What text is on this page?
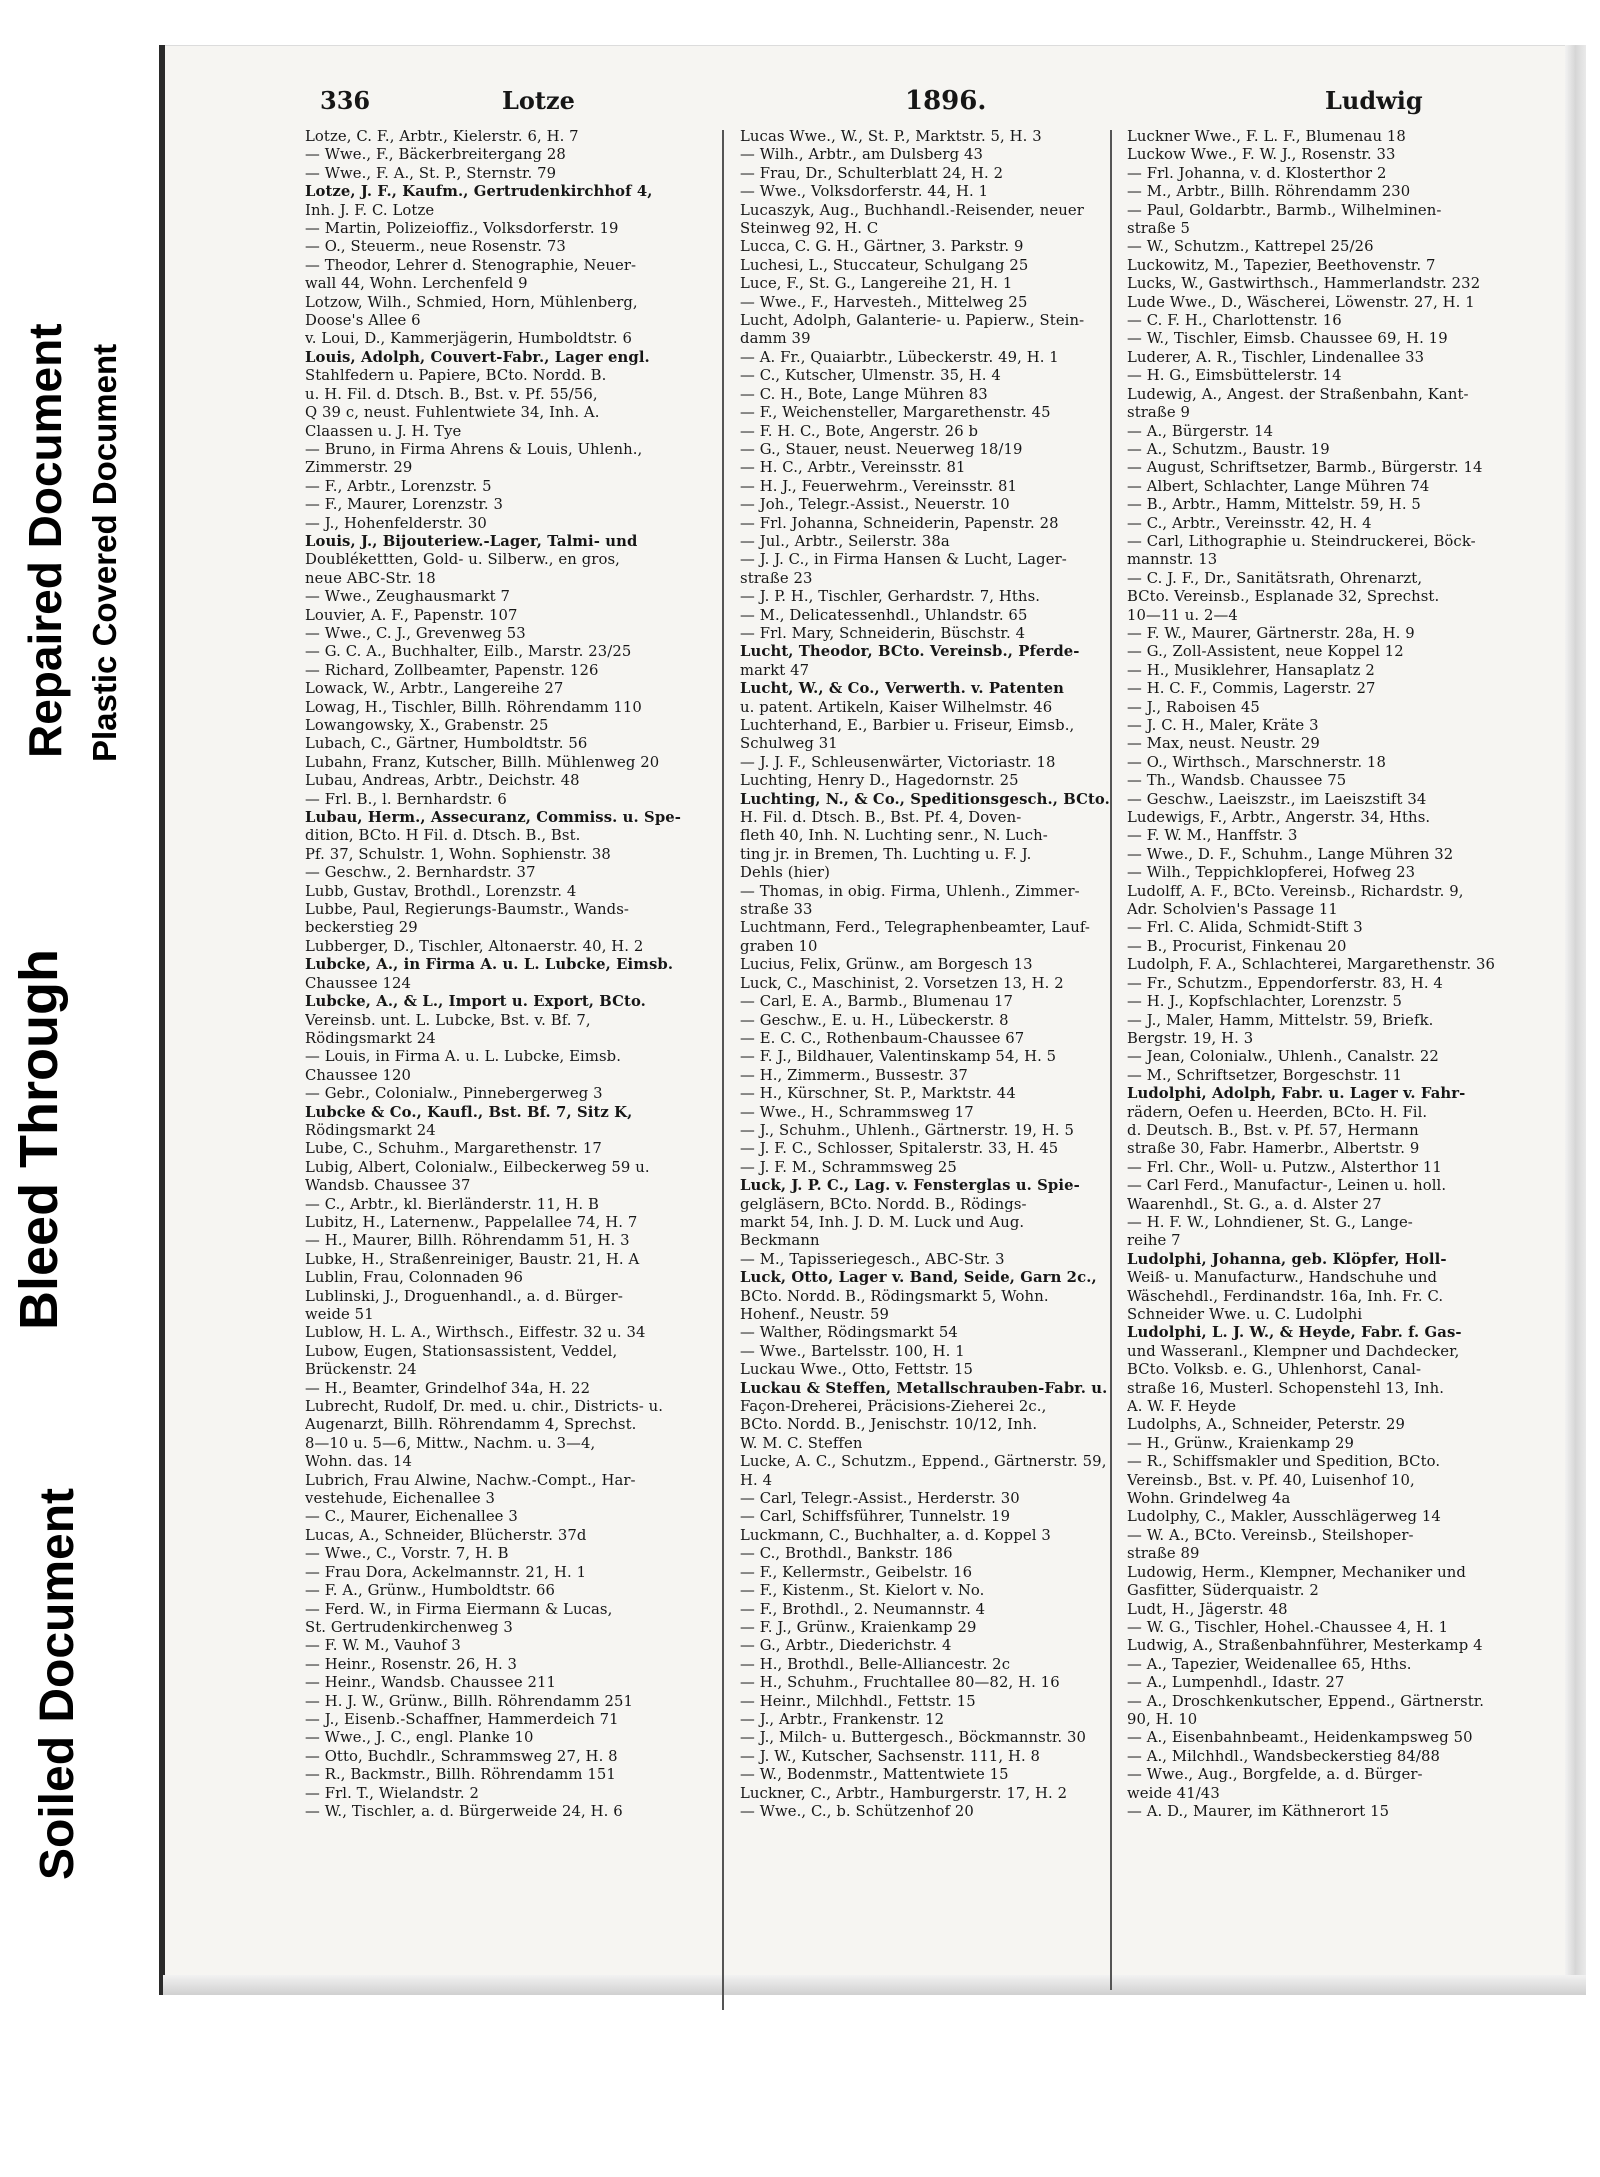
Bleed Through
Repaired Document Plastic Covered Document
Soiled Document
336	Lotze	1896.	Ludwig
Lotze, C. F., Arbtr., Kielerstr. 6, H. 7
— Wwe., F., Bäckerbreitergang 28
— Wwe., F. A., St. P., Sternstr. 79
Lotze, J. F., Kaufm., Gertrudenkirchhof 4,
Inh. J. F. C. Lotze
— Martin, Polizeioffiz., Volksdorferstr. 19
— O., Steuerm., neue Rosenstr. 73
— Theodor, Lehrer d. Stenographie, Neuer-
wall 44, Wohn. Lerchenfeld 9
Lotzow, Wilh., Schmied, Horn, Mühlenberg,
Doose's Allee 6
v. Loui, D., Kammerjägerin, Humboldtstr. 6
Louis, Adolph, Couvert-Fabr., Lager engl.
Stahlfedern u. Papiere, BCto. Nordd. B.
u. H. Fil. d. Dtsch. B., Bst. v. Pf. 55/56,
Q 39 c, neust. Fuhlentwiete 34, Inh. A.
Claassen u. J. H. Tye
— Bruno, in Firma Ahrens & Louis, Uhlenh.,
Zimmerstr. 29
— F., Arbtr., Lorenzstr. 5
— F., Maurer, Lorenzstr. 3
— J., Hohenfelderstr. 30
Louis, J., Bijouteriew.-Lager, Talmi- und
Doublékettten, Gold- u. Silberw., en gros,
neue ABC-Str. 18
— Wwe., Zeughausmarkt 7
Louvier, A. F., Papenstr. 107
— Wwe., C. J., Grevenweg 53
— G. C. A., Buchhalter, Eilb., Marstr. 23/25
— Richard, Zollbeamter, Papenstr. 126
Lowack, W., Arbtr., Langereihe 27
Lowag, H., Tischler, Billh. Röhrendamm 110
Lowangowsky, X., Grabenstr. 25
Lubach, C., Gärtner, Humboldtstr. 56
Lubahn, Franz, Kutscher, Billh. Mühlenweg 20
Lubau, Andreas, Arbtr., Deichstr. 48
— Frl. B., l. Bernhardstr. 6
Lubau, Herm., Assecuranz, Commiss. u. Spe-
dition, BCto. H Fil. d. Dtsch. B., Bst.
Pf. 37, Schulstr. 1, Wohn. Sophienstr. 38
— Geschw., 2. Bernhardstr. 37
Lubb, Gustav, Brothdl., Lorenzstr. 4
Lubbe, Paul, Regierungs-Baumstr., Wands-
beckerstieg 29
Lubberger, D., Tischler, Altonaerstr. 40, H. 2
Lubcke, A., in Firma A. u. L. Lubcke, Eimsb.
Chaussee 124
Lubcke, A., & L., Import u. Export, BCto.
Vereinsb. unt. L. Lubcke, Bst. v. Bf. 7,
Rödingsmarkt 24
— Louis, in Firma A. u. L. Lubcke, Eimsb.
Chaussee 120
— Gebr., Colonialw., Pinnebergerweg 3
Lubcke & Co., Kaufl., Bst. Bf. 7, Sitz K,
Rödingsmarkt 24
Lube, C., Schuhm., Margarethenstr. 17
Lubig, Albert, Colonialw., Eilbeckerweg 59 u.
Wandsb. Chaussee 37
— C., Arbtr., kl. Bierländerstr. 11, H. B
Lubitz, H., Laternenw., Pappelallee 74, H. 7
— H., Maurer, Billh. Röhrendamm 51, H. 3
Lubke, H., Straßenreiniger, Baustr. 21, H. A
Lublin, Frau, Colonnaden 96
Lublinski, J., Droguenhandl., a. d. Bürger-
weide 51
Lublow, H. L. A., Wirthsch., Eiffestr. 32 u. 34
Lubow, Eugen, Stationsassistent, Veddel,
Brückenstr. 24
— H., Beamter, Grindelhof 34a, H. 22
Lubrecht, Rudolf, Dr. med. u. chir., Districts- u.
Augenarzt, Billh. Röhrendamm 4, Sprechst.
8—10 u. 5—6, Mittw., Nachm. u. 3—4,
Wohn. das. 14
Lubrich, Frau Alwine, Nachw.-Compt., Har-
vestehude, Eichenallee 3
— C., Maurer, Eichenallee 3
Lucas, A., Schneider, Blücherstr. 37d
— Wwe., C., Vorstr. 7, H. B
— Frau Dora, Ackelmannstr. 21, H. 1
— F. A., Grünw., Humboldtstr. 66
— Ferd. W., in Firma Eiermann & Lucas,
St. Gertrudenkirchenweg 3
— F. W. M., Vauhof 3
— Heinr., Rosenstr. 26, H. 3
— Heinr., Wandsb. Chaussee 211
— H. J. W., Grünw., Billh. Röhrendamm 251
— J., Eisenb.-Schaffner, Hammerdeich 71
— Wwe., J. C., engl. Planke 10
— Otto, Buchdlr., Schrammsweg 27, H. 8
— R., Backmstr., Billh. Röhrendamm 151
— Frl. T., Wielandstr. 2
— W., Tischler, a. d. Bürgerweide 24, H. 6
Lucas Wwe., W., St. P., Marktstr. 5, H. 3
— Wilh., Arbtr., am Dulsberg 43
— Frau, Dr., Schulterblatt 24, H. 2
— Wwe., Volksdorferstr. 44, H. 1
Lucaszyk, Aug., Buchhandl.-Reisender, neuer
Steinweg 92, H. C
Lucca, C. G. H., Gärtner, 3. Parkstr. 9
Luchesi, L., Stuccateur, Schulgang 25
Luce, F., St. G., Langereihe 21, H. 1
— Wwe., F., Harvesteh., Mittelweg 25
Lucht, Adolph, Galanterie- u. Papierw., Stein-
damm 39
— A. Fr., Quaiarbtr., Lübeckerstr. 49, H. 1
— C., Kutscher, Ulmenstr. 35, H. 4
— C. H., Bote, Lange Mühren 83
— F., Weichensteller, Margarethenstr. 45
— F. H. C., Bote, Angerstr. 26 b
— G., Stauer, neust. Neuerweg 18/19
— H. C., Arbtr., Vereinsstr. 81
— H. J., Feuerwehrm., Vereinsstr. 81
— Joh., Telegr.-Assist., Neuerstr. 10
— Frl. Johanna, Schneiderin, Papenstr. 28
— Jul., Arbtr., Seilerstr. 38a
— J. J. C., in Firma Hansen & Lucht, Lager-
straße 23
— J. P. H., Tischler, Gerhardstr. 7, Hths.
— M., Delicatessenhdl., Uhlandstr. 65
— Frl. Mary, Schneiderin, Büschstr. 4
Lucht, Theodor, BCto. Vereinsb., Pferde-
markt 47
Lucht, W., & Co., Verwerth. v. Patenten
u. patent. Artikeln, Kaiser Wilhelmstr. 46
Luchterhand, E., Barbier u. Friseur, Eimsb.,
Schulweg 31
— J. J. F., Schleusenwärter, Victoriastr. 18
Luchting, Henry D., Hagedornstr. 25
Luchting, N., & Co., Speditionsgesch., BCto.
H. Fil. d. Dtsch. B., Bst. Pf. 4, Doven-
fleth 40, Inh. N. Luchting senr., N. Luch-
ting jr. in Bremen, Th. Luchting u. F. J.
Dehls (hier)
— Thomas, in obig. Firma, Uhlenh., Zimmer-
straße 33
Luchtmann, Ferd., Telegraphenbeamter, Lauf-
graben 10
Lucius, Felix, Grünw., am Borgesch 13
Luck, C., Maschinist, 2. Vorsetzen 13, H. 2
— Carl, E. A., Barmb., Blumenau 17
— Geschw., E. u. H., Lübeckerstr. 8
— E. C. C., Rothenbaum-Chaussee 67
— F. J., Bildhauer, Valentinskamp 54, H. 5
— H., Zimmerm., Bussestr. 37
— H., Kürschner, St. P., Marktstr. 44
— Wwe., H., Schrammsweg 17
— J., Schuhm., Uhlenh., Gärtnerstr. 19, H. 5
— J. F. C., Schlosser, Spitalerstr. 33, H. 45
— J. F. M., Schrammsweg 25
Luck, J. P. C., Lag. v. Fensterglas u. Spie-
gelgläsern, BCto. Nordd. B., Rödings-
markt 54, Inh. J. D. M. Luck und Aug.
Beckmann
— M., Tapisseriegesch., ABC-Str. 3
Luck, Otto, Lager v. Band, Seide, Garn 2c.,
BCto. Nordd. B., Rödingsmarkt 5, Wohn.
Hohenf., Neustr. 59
— Walther, Rödingsmarkt 54
— Wwe., Bartelsstr. 100, H. 1
Luckau Wwe., Otto, Fettstr. 15
Luckau & Steffen, Metallschrauben-Fabr. u.
Façon-Dreherei, Präcisions-Zieherei 2c.,
BCto. Nordd. B., Jenischstr. 10/12, Inh.
W. M. C. Steffen
Lucke, A. C., Schutzm., Eppend., Gärtnerstr. 59,
H. 4
— Carl, Telegr.-Assist., Herderstr. 30
— Carl, Schiffsführer, Tunnelstr. 19
Luckmann, C., Buchhalter, a. d. Koppel 3
— C., Brothdl., Bankstr. 186
— F., Kellermstr., Geibelstr. 16
— F., Kistenm., St. Kielort v. No.
— F., Brothdl., 2. Neumannstr. 4
— F. J., Grünw., Kraienkamp 29
— G., Arbtr., Diederichstr. 4
— H., Brothdl., Belle-Alliancestr. 2c
— H., Schuhm., Fruchtallee 80—82, H. 16
— Heinr., Milchhdl., Fettstr. 15
— J., Arbtr., Frankenstr. 12
— J., Milch- u. Buttergesch., Böckmannstr. 30
— J. W., Kutscher, Sachsenstr. 111, H. 8
— W., Bodenmstr., Mattentwiete 15
Luckner, C., Arbtr., Hamburgerstr. 17, H. 2
— Wwe., C., b. Schützenhof 20
Luckner Wwe., F. L. F., Blumenau 18
Luckow Wwe., F. W. J., Rosenstr. 33
— Frl. Johanna, v. d. Klosterthor 2
— M., Arbtr., Billh. Röhrendamm 230
— Paul, Goldarbtr., Barmb., Wilhelminen-
straße 5
— W., Schutzm., Kattrepel 25/26
Luckowitz, M., Tapezier, Beethovenstr. 7
Lucks, W., Gastwirthsch., Hammerlandstr. 232
Lude Wwe., D., Wäscherei, Löwenstr. 27, H. 1
— C. F. H., Charlottenstr. 16
— W., Tischler, Eimsb. Chaussee 69, H. 19
Luderer, A. R., Tischler, Lindenallee 33
— H. G., Eimsbüttelerstr. 14
Ludewig, A., Angest. der Straßenbahn, Kant-
straße 9
— A., Bürgerstr. 14
— A., Schutzm., Baustr. 19
— August, Schriftsetzer, Barmb., Bürgerstr. 14
— Albert, Schlachter, Lange Mühren 74
— B., Arbtr., Hamm, Mittelstr. 59, H. 5
— C., Arbtr., Vereinsstr. 42, H. 4
— Carl, Lithographie u. Steindruckerei, Böck-
mannstr. 13
— C. J. F., Dr., Sanitätsrath, Ohrenarzt,
BCto. Vereinsb., Esplanade 32, Sprechst.
10—11 u. 2—4
— F. W., Maurer, Gärtnerstr. 28a, H. 9
— G., Zoll-Assistent, neue Koppel 12
— H., Musiklehrer, Hansaplatz 2
— H. C. F., Commis, Lagerstr. 27
— J., Raboisen 45
— J. C. H., Maler, Kräte 3
— Max, neust. Neustr. 29
— O., Wirthsch., Marschnerstr. 18
— Th., Wandsb. Chaussee 75
— Geschw., Laeiszstr., im Laeiszstift 34
Ludewigs, F., Arbtr., Angerstr. 34, Hths.
— F. W. M., Hanffstr. 3
— Wwe., D. F., Schuhm., Lange Mühren 32
— Wilh., Teppichklopferei, Hofweg 23
Ludolff, A. F., BCto. Vereinsb., Richardstr. 9,
Adr. Scholvien's Passage 11
— Frl. C. Alida, Schmidt-Stift 3
— B., Procurist, Finkenau 20
Ludolph, F. A., Schlachterei, Margarethenstr. 36
— Fr., Schutzm., Eppendorferstr. 83, H. 4
— H. J., Kopfschlachter, Lorenzstr. 5
— J., Maler, Hamm, Mittelstr. 59, Briefk.
Bergstr. 19, H. 3
— Jean, Colonialw., Uhlenh., Canalstr. 22
— M., Schriftsetzer, Borgeschstr. 11
Ludolphi, Adolph, Fabr. u. Lager v. Fahr-
rädern, Oefen u. Heerden, BCto. H. Fil.
d. Deutsch. B., Bst. v. Pf. 57, Hermann
straße 30, Fabr. Hamerbr., Albertstr. 9
— Frl. Chr., Woll- u. Putzw., Alsterthor 11
— Carl Ferd., Manufactur-, Leinen u. holl.
Waarenhdl., St. G., a. d. Alster 27
— H. F. W., Lohndiener, St. G., Lange-
reihe 7
Ludolphi, Johanna, geb. Klöpfer, Holl-
Weiß- u. Manufacturw., Handschuhe und
Wäschehdl., Ferdinandstr. 16a, Inh. Fr. C.
Schneider Wwe. u. C. Ludolphi
Ludolphi, L. J. W., & Heyde, Fabr. f. Gas-
und Wasseranl., Klempner und Dachdecker,
BCto. Volksb. e. G., Uhlenhorst, Canal-
straße 16, Musterl. Schopenstehl 13, Inh.
A. W. F. Heyde
Ludolphs, A., Schneider, Peterstr. 29
— H., Grünw., Kraienkamp 29
— R., Schiffsmakler und Spedition, BCto.
Vereinsb., Bst. v. Pf. 40, Luisenhof 10,
Wohn. Grindelweg 4a
Ludolphy, C., Makler, Ausschlägerweg 14
— W. A., BCto. Vereinsb., Steilshoper-
straße 89
Ludowig, Herm., Klempner, Mechaniker und
Gasfitter, Süderquaistr. 2
Ludt, H., Jägerstr. 48
— W. G., Tischler, Hohel.-Chaussee 4, H. 1
Ludwig, A., Straßenbahnführer, Mesterkamp 4
— A., Tapezier, Weidenallee 65, Hths.
— A., Lumpenhdl., Idastr. 27
— A., Droschkenkutscher, Eppend., Gärtnerstr.
90, H. 10
— A., Eisenbahnbeamt., Heidenkampsweg 50
— A., Milchhdl., Wandsbeckerstieg 84/88
— Wwe., Aug., Borgfelde, a. d. Bürger-
weide 41/43
— A. D., Maurer, im Käthnerort 15
